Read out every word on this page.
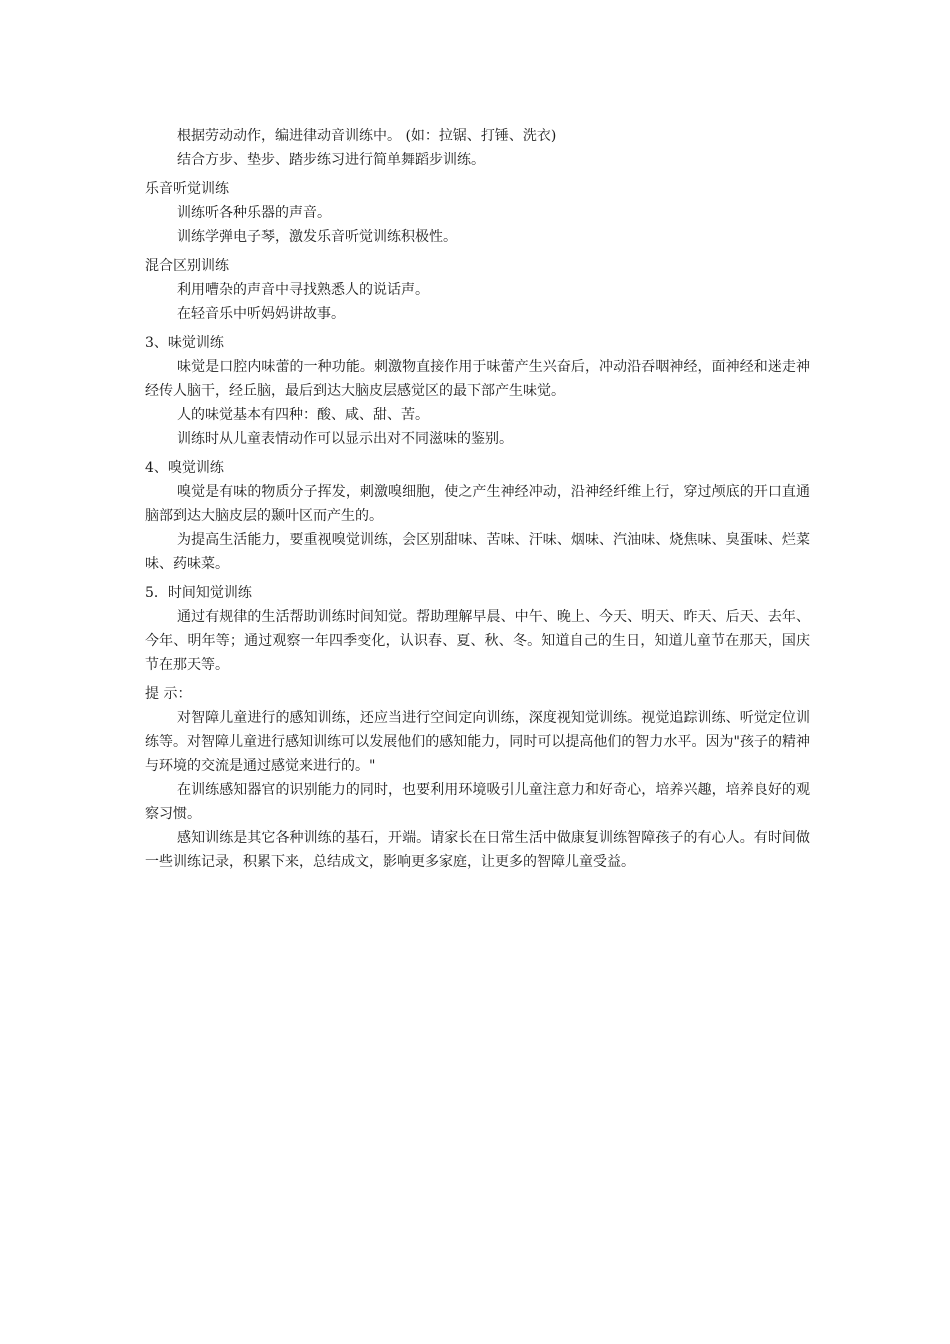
根据劳动动作，编进律动音训练中。 (如：拉锯、打锤、洗衣)

结合方步、垫步、踏步练习进行简单舞蹈步训练。

乐音听觉训练

训练听各种乐器的声音。

训练学弹电子琴，激发乐音听觉训练积极性。

混合区别训练

利用嘈杂的声音中寻找熟悉人的说话声。

在轻音乐中听妈妈讲故事。

3、味觉训练

味觉是口腔内味蕾的一种功能。刺激物直接作用于味蕾产生兴奋后，冲动沿吞咽神经，面神经和迷走神经传人脑干，经丘脑，最后到达大脑皮层感觉区的最下部产生味觉。

人的味觉基本有四种：酸、咸、甜、苦。

训练时从儿童表情动作可以显示出对不同滋味的鉴别。

4、嗅觉训练

嗅觉是有味的物质分子挥发，刺激嗅细胞，使之产生神经冲动，沿神经纤维上行，穿过颅底的开口直通脑部到达大脑皮层的颞叶区而产生的。

为提高生活能力，要重视嗅觉训练，会区别甜味、苦味、汗味、烟味、汽油味、烧焦味、臭蛋味、烂菜味、药味菜。

5．时间知觉训练

通过有规律的生活帮助训练时间知觉。帮助理解早晨、中午、晚上、今天、明天、昨天、后天、去年、今年、明年等；通过观察一年四季变化，认识春、夏、秋、冬。知道自己的生日，知道儿童节在那天，国庆节在那天等。

提 示：

对智障儿童进行的感知训练，还应当进行空间定向训练，深度视知觉训练。视觉追踪训练、听觉定位训练等。对智障儿童进行感知训练可以发展他们的感知能力，同时可以提高他们的智力水平。因为"孩子的精神与环境的交流是通过感觉来进行的。"

在训练感知器官的识别能力的同时，也要利用环境吸引儿童注意力和好奇心，培养兴趣，培养良好的观察习惯。

感知训练是其它各种训练的基石，开端。请家长在日常生活中做康复训练智障孩子的有心人。有时间做一些训练记录，积累下来，总结成文，影响更多家庭，让更多的智障儿童受益。
